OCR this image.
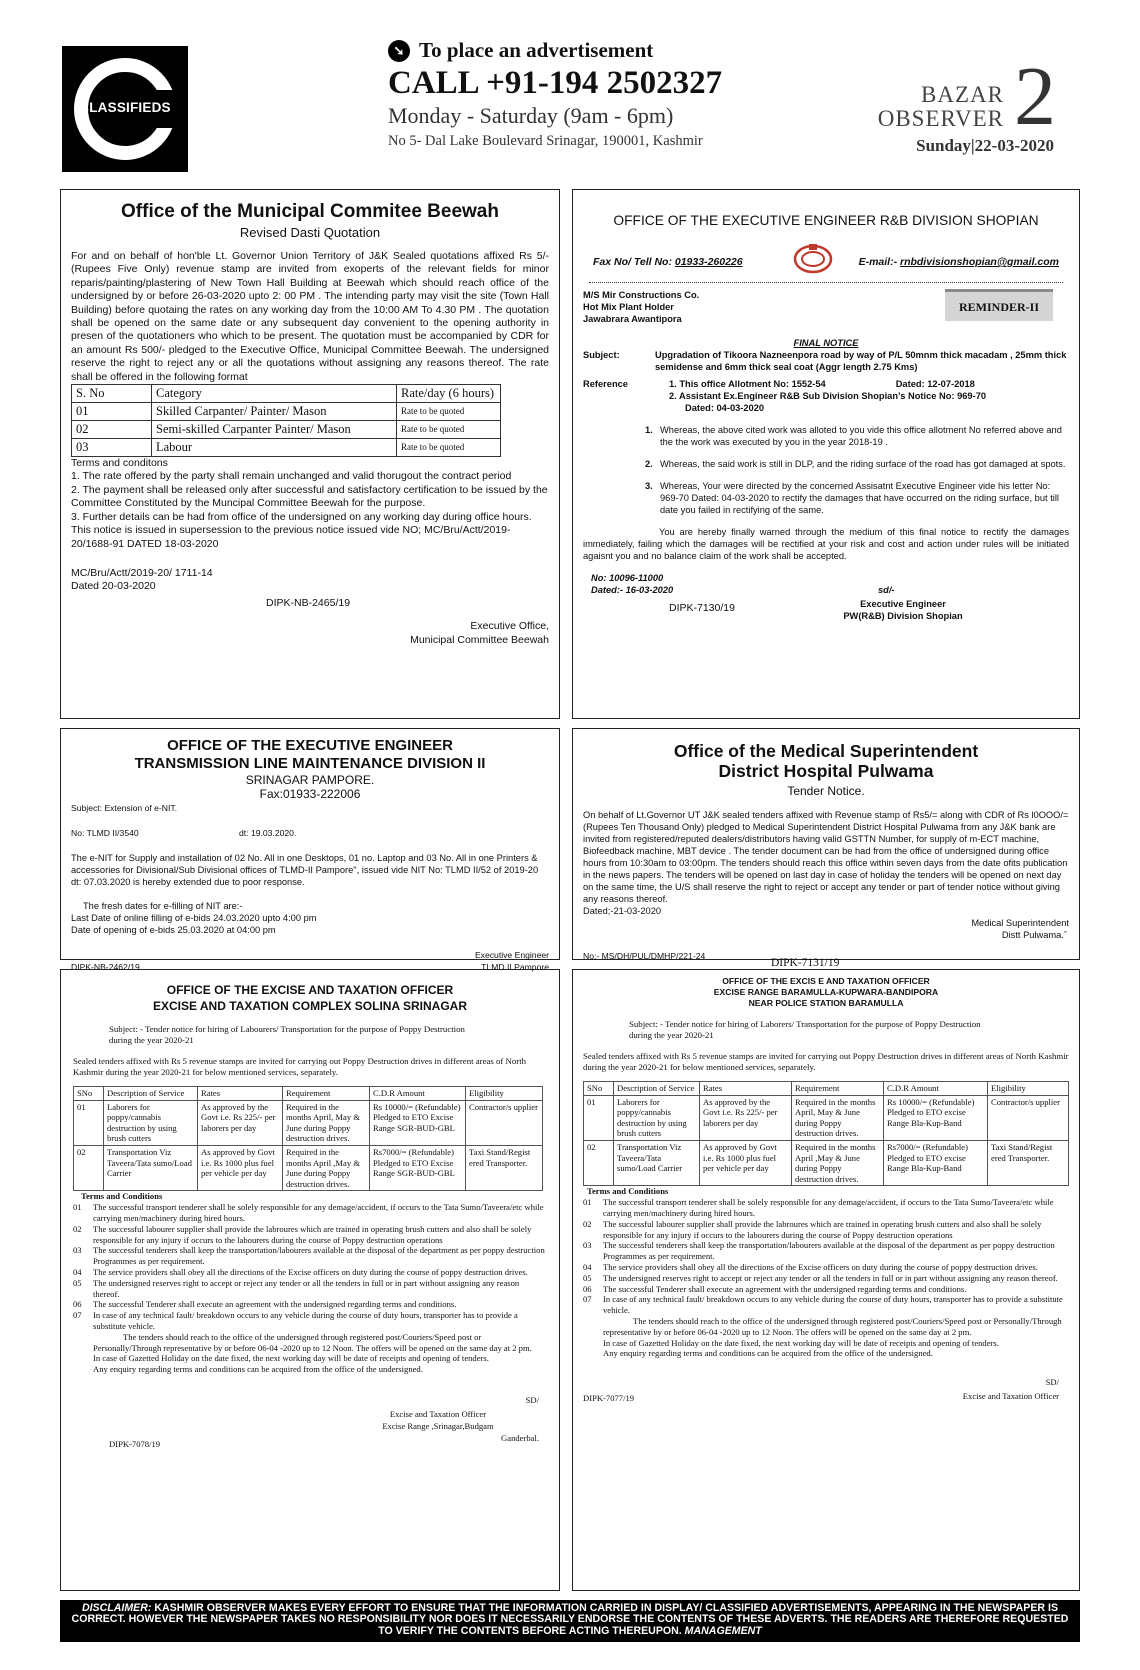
CLASSIFIEDS
➘ To place an advertisement
CALL +91-194 2502327
Monday - Saturday (9am - 6pm)
No 5- Dal Lake Boulevard Srinagar, 190001, Kashmir
BAZAR
OBSERVER 2
Sunday|22-03-2020
Office of the Municipal Commitee Beewah
Revised Dasti Quotation
For and on behalf of hon'ble Lt. Governor Union Territory of J&K Sealed quotations affixed Rs 5/- (Rupees Five Only) revenue stamp are invited from exoperts of the relevant fields for minor reparis/painting/plastering of New Town Hall Building at Beewah which should reach office of the undersigned by or before 26-03-2020 upto 2: 00 PM . The intending party may visit the site (Town Hall Building) before quotaing the rates on any working day from the 10:00 AM To 4.30 PM . The quotation shall be opened on the same date or any subsequent day convenient to the opening authority in presen of the quotationers who which to be present. The quotation must be accompanied by CDR for an amount Rs 500/- pledged to the Executive Office, Municipal Committee Beewah. The undersigned reserve the right to reject any or all the quotations without assigning any reasons thereof. The rate shall be offered in the following format
S. No	Category	Rate/day (6 hours)
01	Skilled Carpanter/ Painter/ Mason	Rate to be quoted
02	Semi-skilled Carpanter Painter/ Mason	Rate to be quoted
03	Labour	Rate to be quoted
Terms and conditons
1. The rate offered by the party shall remain unchanged and valid thorugout the contract period
2. The payment shall be released only after successful and satisfactory certification to be issued by the Committee Constituted by the Muncipal Committee Beewah for the purpose.
3. Further details can be had from office of the undersigned on any working day during office hours.
This notice is issued in supersession to the previous notice issued vide NO; MC/Bru/Actt/2019-20/1688-91 DATED 18-03-2020
MC/Bru/Actt/2019-20/ 1711-14
Dated 20-03-2020
DIPK-NB-2465/19
Executive Office,
Municipal Committee Beewah
OFFICE OF THE EXECUTIVE ENGINEER R&B DIVISION SHOPIAN
Fax No/ Tell No: 01933-260226	E-mail:- rnbdivisionshopian@gmail.com
M/S Mir Constructions Co.
Hot Mix Plant Holder
Jawabrara Awantipora
REMINDER-II
FINAL NOTICE
Subject:	Upgradation of Tikoora Nazneenpora road by way of P/L 50mnm thick macadam , 25mm thick semidense and 6mm thick seal coat (Aggr length 2.75 Kms)
Reference	1. This office Allotment No: 1552-54	Dated: 12-07-2018
2. Assistant Ex.Engineer R&B Sub Division Shopian’s Notice No: 969-70
Dated: 04-03-2020
1. Whereas, the above cited work was alloted to you vide this office allotment No referred above and the the work was executed by you in the year 2018-19 .
2. Whereas, the said work is still in DLP, and the riding surface of the road has got damaged at spots.
3. Whereas, Your were directed by the concerned Assisatnt Executive Engineer vide his letter No: 969-70 Dated: 04-03-2020 to rectify the damages that have occurred on the riding surface, but till date you failed in rectifying of the same.
You are hereby finally warned through the medium of this final notice to rectify the damages immediately, failing which the damages will be rectified at your risk and cost and action under rules will be initiated agaisnt you and no balance claim of the work shall be accepted.
No: 10096-11000
Dated:- 16-03-2020	sd/-
DIPK-7130/19	Executive Engineer
PW(R&B) Division Shopian
OFFICE OF THE EXECUTIVE ENGINEER
TRANSMISSION LINE MAINTENANCE DIVISION II
SRINAGAR PAMPORE.
Fax:01933-222006
Subject: Extension of e-NIT.
No: TLMD II/3540	dt: 19.03.2020.
The e-NIT for Supply and installation of 02 No. All in one Desktops, 01 no. Laptop and 03 No. All in one Printers & accessories for Divisional/Sub Divisional offices of TLMD-II Pampore", issued vide NIT No: TLMD II/52 of 2019-20 dt: 07.03.2020 is hereby extended due to poor response.
The fresh dates for e-filling of NIT are:-
Last Date of online filling of e-bids 24.03.2020 upto 4:00 pm
Date of opening of e-bids 25.03.2020 at 04:00 pm
DIPK-NB-2462/19
Executive Engineer
TLMD II Pampore
Office of the Medical Superintendent
District Hospital Pulwama
Tender Notice.
On behalf of Lt.Governor UT J&K sealed tenders affixed with Revenue stamp of Rs5/= along with CDR of Rs l0OOO/=(Rupees Ten Thousand Only) pledged to Medical Superintendent District Hospital Pulwama from any J&K bank are invited from registered/reputed dealers/distributors having valid GSTTN Number, for supply of m-ECT machine, Biofeedback machine, MBT device . The tender document can be had from the office of undersigned during office hours from 10:30am to 03:00pm. The tenders should reach this office within seven days from the date ofits publication in the news papers. The tenders will be opened on last day in case of holiday the tenders will be opened on next day on the same time, the U/S shall reserve the right to reject or accept any tender or part of tender notice without giving any reasons thereof.
Dated;-21-03-2020
Medical Superintendent
Distt Pulwama.ˆ
No;- MS/DH/PUL/DMHP/221-24
DIPK-7131/19
OFFICE OF THE EXCISE AND TAXATION OFFICER
EXCISE AND TAXATION COMPLEX SOLINA SRINAGAR
Subject: - Tender notice for hiring of Labourers/ Transportation for the purpose of Poppy Destruction during the year 2020-21
Sealed tenders affixed with Rs 5 revenue stamps are invited for carrying out Poppy Destruction drives in different areas of North Kashmir during the year 2020-21 for below mentioned services, separately.
SNo	Description of Service	Rates	Requirement	C.D.R Amount	Eligibility
01	Laborers for poppy/cannabis destruction by using brush cutters	As approved by the Govt i.e. Rs 225/- per laborers per day	Required in the months April, May & June during Poppy destruction drives.	Rs 10000/= (Refundable) Pledged to ETO Excise Range SGR-BUD-GBL	Contractor/s upplier
02	Transportation Viz Taveera/Tata sumo/Load Carrier	As approved by Govt i.e. Rs 1000 plus fuel per vehicle per day	Required in the months April ,May & June during Poppy destruction drives.	Rs7000/= (Refundable) Pledged to ETO Excise Range SGR-BUD-GBL	Taxi Stand/Regist ered Transporter.
Terms and Conditions
01	The successful transport tenderer shall be solely responsible for any demage/accident, if occurs to the Tata Sumo/Taveera/etc while carrying men/machinery during hired hours.
02	The successful labourer supplier shall provide the labroures which are trained in operating brush cutters and also shall be solely responsible for any injury if occurs to the labourers during the course of Poppy destruction operations
03	The successful tenderers shall keep the transportation/labourers available at the disposal of the department as per poppy destruction Programmes as per requirement.
04	The service providers shall obey all the directions of the Excise officers on duty during the course of poppy destruction drives.
05	The undersigned reserves right to accept or reject any tender or all the tenders in full or in part without assigning any reason thereof.
06	The successful Tenderer shall execute an agreement with the undersigned regarding terms and conditions.
07	In case of any technical fault/ breakdown occurs to any vehicle during the course of duty hours, transporter has to provide a substitute vehicle.
The tenders should reach to the office of the undersigned through registered post/Couriers/Speed post or Personally/Through representative by or before 06-04 -2020 up to 12 Noon. The offers will be opened on the same day at 2 pm.
In case of Gazetted Holiday on the date fixed, the next working day will be date of receipts and opening of tenders.
Any enquiry regarding terms and conditions can be acquired from the office of the undersigned.
SD/
Excise and Taxation Officer
Excise Range ,Srinagar,Budgam
Ganderbal.
DIPK-7078/19
OFFICE OF THE EXCIS E AND TAXATION OFFICER
EXCISE RANGE BARAMULLA-KUPWARA-BANDIPORA
NEAR POLICE STATION BARAMULLA
Subject: - Tender notice for hiring of Laborers/ Transportation for the purpose of Poppy Destruction during the year 2020-21
Sealed tenders affixed with Rs 5 revenue stamps are invited for carrying out Poppy Destruction drives in different areas of North Kashmir during the year 2020-21 for below mentioned services, separately.
SNo	Description of Service	Rates	Requirement	C.D.R Amount	Eligibility
01	Laborers for poppy/cannabis destruction by using brush cutters	As approved by the Govt i.e. Rs 225/- per laborers per day	Required in the months April, May & June during Poppy destruction drives.	Rs 10000/= (Refundable) Pledged to ETO excise Range Bla-Kup-Band	Contractor/s upplier
02	Transportation Viz Taveera/Tata sumo/Load Carrier	As approved by Govt i.e. Rs 1000 plus fuel per vehicle per day	Required in the months April ,May & June during Poppy destruction drives.	Rs7000/= (Refundable) Pledged to ETO excise Range Bla-Kup-Band	Taxi Stand/Regist ered Transporter.
Terms and Conditions
01	The successful transport tenderer shall be solely responsible for any demage/accident, if occurs to the Tata Sumo/Taveera/etc while carrying men/machinery during hired hours.
02	The successful labourer supplier shall provide the labroures which are trained in operating brush cutters and also shall be solely responsible for any injury if occurs to the labourers during the course of Poppy destruction operations
03	The successful tenderers shall keep the transportation/labourers available at the disposal of the department as per poppy destruction Programmes as per requirement.
04	The service providers shall obey all the directions of the Excise officers on duty during the course of poppy destruction drives.
05	The undersigned reserves right to accept or reject any tender or all the tenders in full or in part without assigning any reason thereof.
06	The successful Tenderer shall execute an agreement with the undersigned regarding terms and conditions.
07	In case of any technical fault/ breakdown occurs to any vehicle during the course of duty hours, transporter has to provide a substitute vehicle.
The tenders should reach to the office of the undersigned through registered post/Couriers/Speed post or Personally/Through representative by or before 06-04 -2020 up to 12 Noon. The offers will be opened on the same day at 2 pm.
In case of Gazetted Holiday on the date fixed, the next working day will be date of receipts and opening of tenders.
Any enquiry regarding terms and conditions can be acquired from the office of the undersigned.
SD/
Excise and Taxation Officer
DIPK-7077/19
DISCLAIMER: KASHMIR OBSERVER MAKES EVERY EFFORT TO ENSURE THAT THE INFORMATION CARRIED IN DISPLAY/ CLASSIFIED ADVERTISEMENTS, APPEARING IN THE NEWSPAPER IS CORRECT. HOWEVER THE NEWSPAPER TAKES NO RESPONSIBILITY NOR DOES IT NECESSARILY ENDORSE THE CONTENTS OF THESE ADVERTS. THE READERS ARE THEREFORE REQUESTED TO VERIFY THE CONTENTS BEFORE ACTING THEREUPON. MANAGEMENT
